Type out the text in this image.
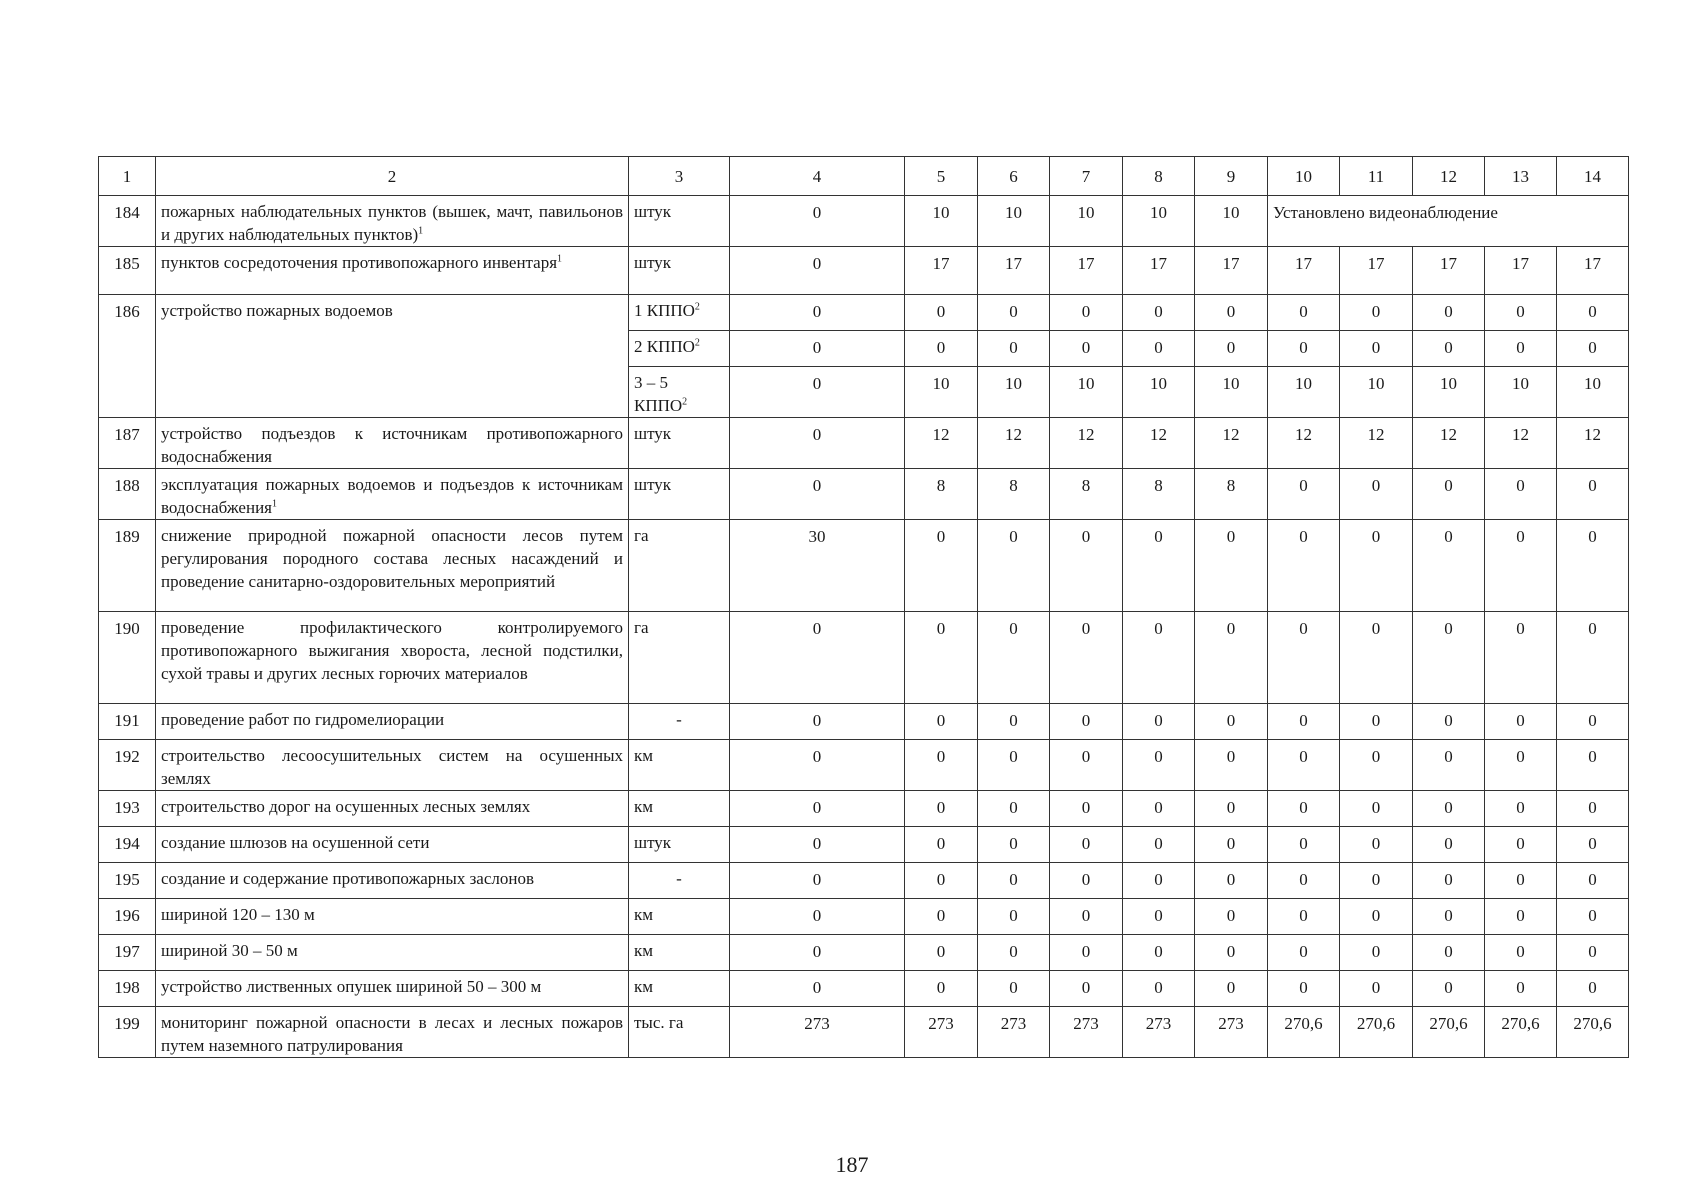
1	2	3	4	5	6	7	8	9	10	11	12	13	14
184	пожарных наблюдательных пунктов (вышек, мачт, павильонов и других наблюдательных пунктов)$^1$	штук	0	10	10	10	10	10	Установлено видеонаблюдение				
185	пунктов сосредоточения противопожарного инвентаря$^1$	штук	0	17	17	17	17	17	17	17	17	17	17
186	устройство пожарных водоемов	1 КППО$^2$	0	0	0	0	0	0	0	0	0	0	0
		2 КППО$^2$	0	0	0	0	0	0	0	0	0	0	0
		3 – 5 КППО$^2$	0	10	10	10	10	10	10	10	10	10	10
187	устройство подъездов к источникам противопожарного водоснабжения	штук	0	12	12	12	12	12	12	12	12	12	12
188	эксплуатация пожарных водоемов и подъездов к источникам водоснабжения$^1$	штук	0	8	8	8	8	8	0	0	0	0	0
189	снижение природной пожарной опасности лесов путем регулирования породного состава лесных насаждений и проведение санитарно-оздоровительных мероприятий	га	30	0	0	0	0	0	0	0	0	0	0
190	проведение профилактического контролируемого противопожарного выжигания хвороста, лесной подстилки, сухой травы и других лесных горючих материалов	га	0	0	0	0	0	0	0	0	0	0	0
191	проведение работ по гидромелиорации	-	0	0	0	0	0	0	0	0	0	0	0
192	строительство лесоосушительных систем на осушенных землях	км	0	0	0	0	0	0	0	0	0	0	0
193	строительство дорог на осушенных лесных землях	км	0	0	0	0	0	0	0	0	0	0	0
194	создание шлюзов на осушенной сети	штук	0	0	0	0	0	0	0	0	0	0	0
195	создание и содержание противопожарных заслонов	-	0	0	0	0	0	0	0	0	0	0	0
196	шириной 120 – 130 м	км	0	0	0	0	0	0	0	0	0	0	0
197	шириной 30 – 50 м	км	0	0	0	0	0	0	0	0	0	0	0
198	устройство лиственных опушек шириной 50 – 300 м	км	0	0	0	0	0	0	0	0	0	0	0
199	мониторинг пожарной опасности в лесах и лесных пожаров путем наземного патрулирования	тыс. га	273	273	273	273	273	273	270,6	270,6	270,6	270,6	270,6
187
